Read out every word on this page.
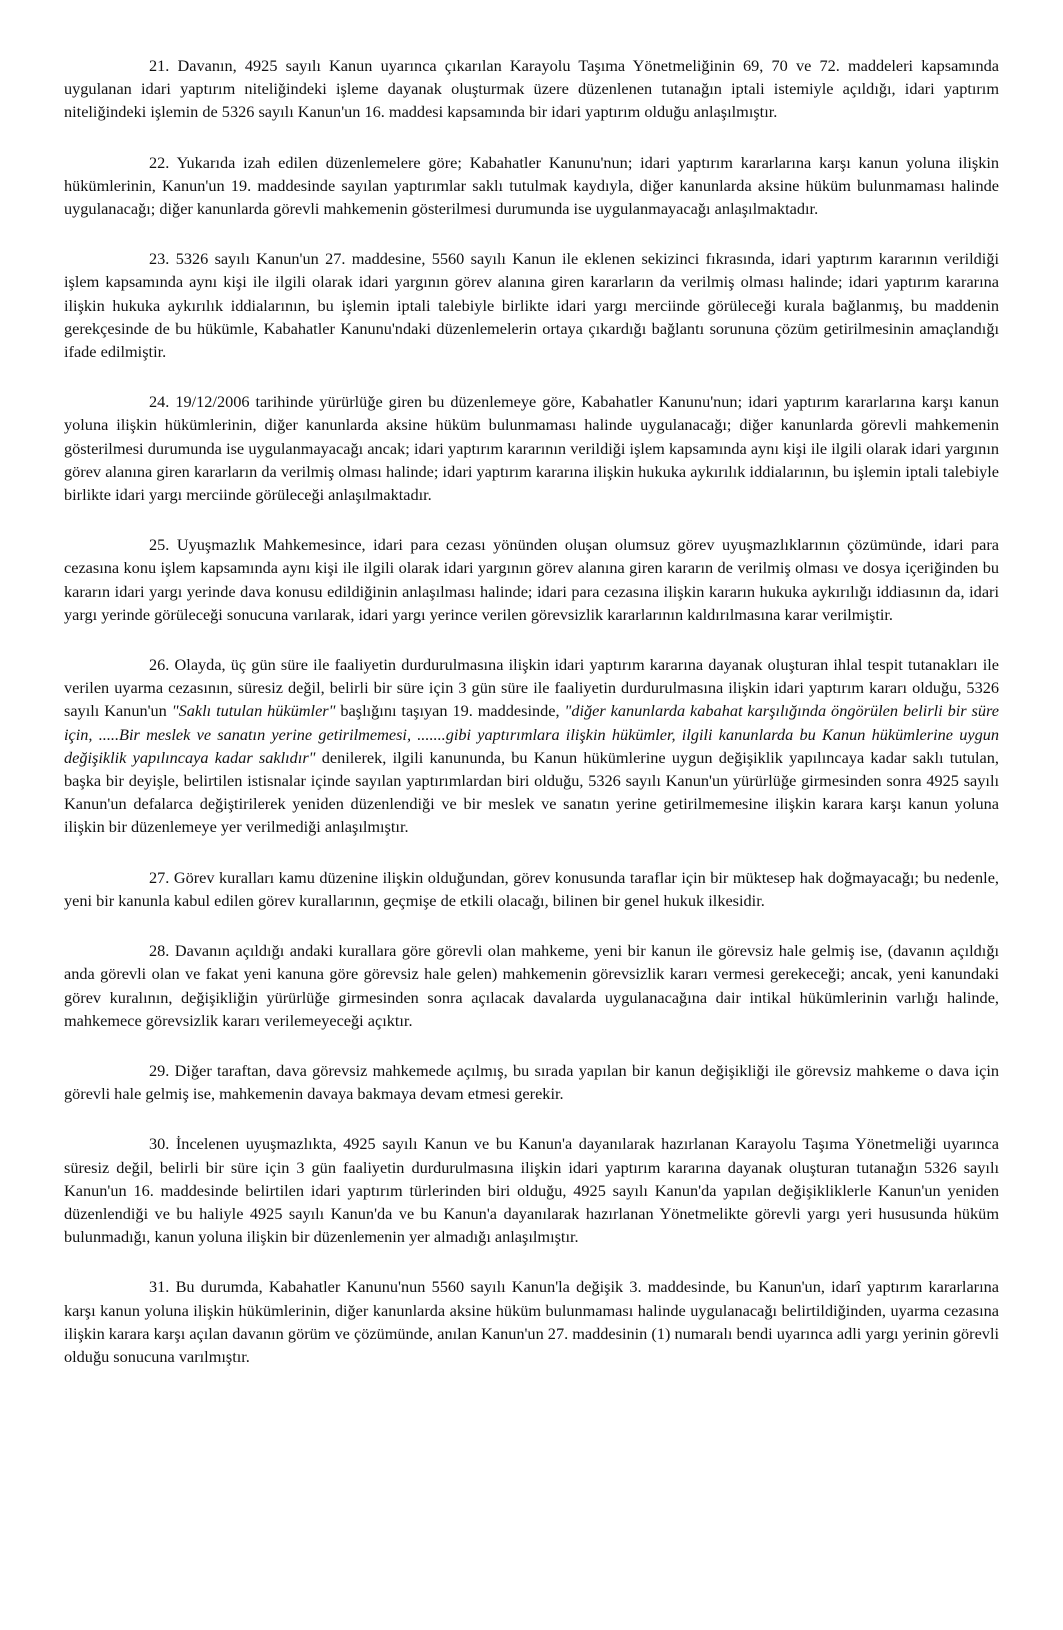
21. Davanın, 4925 sayılı Kanun uyarınca çıkarılan Karayolu Taşıma Yönetmeliğinin 69, 70 ve 72. maddeleri kapsamında uygulanan idari yaptırım niteliğindeki işleme dayanak oluşturmak üzere düzenlenen tutanağın iptali istemiyle açıldığı, idari yaptırım niteliğindeki işlemin de 5326 sayılı Kanun'un 16. maddesi kapsamında bir idari yaptırım olduğu anlaşılmıştır.

22. Yukarıda izah edilen düzenlemelere göre; Kabahatler Kanunu'nun; idari yaptırım kararlarına karşı kanun yoluna ilişkin hükümlerinin, Kanun'un 19. maddesinde sayılan yaptırımlar saklı tutulmak kaydıyla, diğer kanunlarda aksine hüküm bulunmaması halinde uygulanacağı; diğer kanunlarda görevli mahkemenin gösterilmesi durumunda ise uygulanmayacağı anlaşılmaktadır.

23. 5326 sayılı Kanun'un 27. maddesine, 5560 sayılı Kanun ile eklenen sekizinci fıkrasında, idari yaptırım kararının verildiği işlem kapsamında aynı kişi ile ilgili olarak idari yargının görev alanına giren kararların da verilmiş olması halinde; idari yaptırım kararına ilişkin hukuka aykırılık iddialarının, bu işlemin iptali talebiyle birlikte idari yargı merciinde görüleceği kurala bağlanmış, bu maddenin gerekçesinde de bu hükümle, Kabahatler Kanunu'ndaki düzenlemelerin ortaya çıkardığı bağlantı sorununa çözüm getirilmesinin amaçlandığı ifade edilmiştir.

24. 19/12/2006 tarihinde yürürlüğe giren bu düzenlemeye göre, Kabahatler Kanunu'nun; idari yaptırım kararlarına karşı kanun yoluna ilişkin hükümlerinin, diğer kanunlarda aksine hüküm bulunmaması halinde uygulanacağı; diğer kanunlarda görevli mahkemenin gösterilmesi durumunda ise uygulanmayacağı ancak; idari yaptırım kararının verildiği işlem kapsamında aynı kişi ile ilgili olarak idari yargının görev alanına giren kararların da verilmiş olması halinde; idari yaptırım kararına ilişkin hukuka aykırılık iddialarının, bu işlemin iptali talebiyle birlikte idari yargı merciinde görüleceği anlaşılmaktadır.

25. Uyuşmazlık Mahkemesince, idari para cezası yönünden oluşan olumsuz görev uyuşmazlıklarının çözümünde, idari para cezasına konu işlem kapsamında aynı kişi ile ilgili olarak idari yargının görev alanına giren kararın de verilmiş olması ve dosya içeriğinden bu kararın idari yargı yerinde dava konusu edildiğinin anlaşılması halinde; idari para cezasına ilişkin kararın hukuka aykırılığı iddiasının da, idari yargı yerinde görüleceği sonucuna varılarak, idari yargı yerince verilen görevsizlik kararlarının kaldırılmasına karar verilmiştir.

26. Olayda, üç gün süre ile faaliyetin durdurulmasına ilişkin idari yaptırım kararına dayanak oluşturan ihlal tespit tutanakları ile verilen uyarma cezasının, süresiz değil, belirli bir süre için 3 gün süre ile faaliyetin durdurulmasına ilişkin idari yaptırım kararı olduğu, 5326 sayılı Kanun'un "Saklı tutulan hükümler" başlığını taşıyan 19. maddesinde, "diğer kanunlarda kabahat karşılığında öngörülen belirli bir süre için, .....Bir meslek ve sanatın yerine getirilmemesi, .......gibi yaptırımlara ilişkin hükümler, ilgili kanunlarda bu Kanun hükümlerine uygun değişiklik yapılıncaya kadar saklıdır" denilerek, ilgili kanununda, bu Kanun hükümlerine uygun değişiklik yapılıncaya kadar saklı tutulan, başka bir deyişle, belirtilen istisnalar içinde sayılan yaptırımlardan biri olduğu, 5326 sayılı Kanun'un yürürlüğe girmesinden sonra 4925 sayılı Kanun'un defalarca değiştirilerek yeniden düzenlendiği ve bir meslek ve sanatın yerine getirilmemesine ilişkin karara karşı kanun yoluna ilişkin bir düzenlemeye yer verilmediği anlaşılmıştır.

27. Görev kuralları kamu düzenine ilişkin olduğundan, görev konusunda taraflar için bir müktesep hak doğmayacağı; bu nedenle, yeni bir kanunla kabul edilen görev kurallarının, geçmişe de etkili olacağı, bilinen bir genel hukuk ilkesidir.

28. Davanın açıldığı andaki kurallara göre görevli olan mahkeme, yeni bir kanun ile görevsiz hale gelmiş ise, (davanın açıldığı anda görevli olan ve fakat yeni kanuna göre görevsiz hale gelen) mahkemenin görevsizlik kararı vermesi gerekeceği; ancak, yeni kanundaki görev kuralının, değişikliğin yürürlüğe girmesinden sonra açılacak davalarda uygulanacağına dair intikal hükümlerinin varlığı halinde, mahkemece görevsizlik kararı verilemeyeceği açıktır.

29. Diğer taraftan, dava görevsiz mahkemede açılmış, bu sırada yapılan bir kanun değişikliği ile görevsiz mahkeme o dava için görevli hale gelmiş ise, mahkemenin davaya bakmaya devam etmesi gerekir.

30. İncelenen uyuşmazlıkta, 4925 sayılı Kanun ve bu Kanun'a dayanılarak hazırlanan Karayolu Taşıma Yönetmeliği uyarınca süresiz değil, belirli bir süre için 3 gün faaliyetin durdurulmasına ilişkin idari yaptırım kararına dayanak oluşturan tutanağın 5326 sayılı Kanun'un 16. maddesinde belirtilen idari yaptırım türlerinden biri olduğu, 4925 sayılı Kanun'da yapılan değişikliklerle Kanun'un yeniden düzenlendiği ve bu haliyle 4925 sayılı Kanun'da ve bu Kanun'a dayanılarak hazırlanan Yönetmelikte görevli yargı yeri hususunda hüküm bulunmadığı, kanun yoluna ilişkin bir düzenlemenin yer almadığı anlaşılmıştır.

31. Bu durumda, Kabahatler Kanunu'nun 5560 sayılı Kanun'la değişik 3. maddesinde, bu Kanun'un, idarî yaptırım kararlarına karşı kanun yoluna ilişkin hükümlerinin, diğer kanunlarda aksine hüküm bulunmaması halinde uygulanacağı belirtildiğinden, uyarma cezasına ilişkin karara karşı açılan davanın görüm ve çözümünde, anılan Kanun'un 27. maddesinin (1) numaralı bendi uyarınca adli yargı yerinin görevli olduğu sonucuna varılmıştır.
